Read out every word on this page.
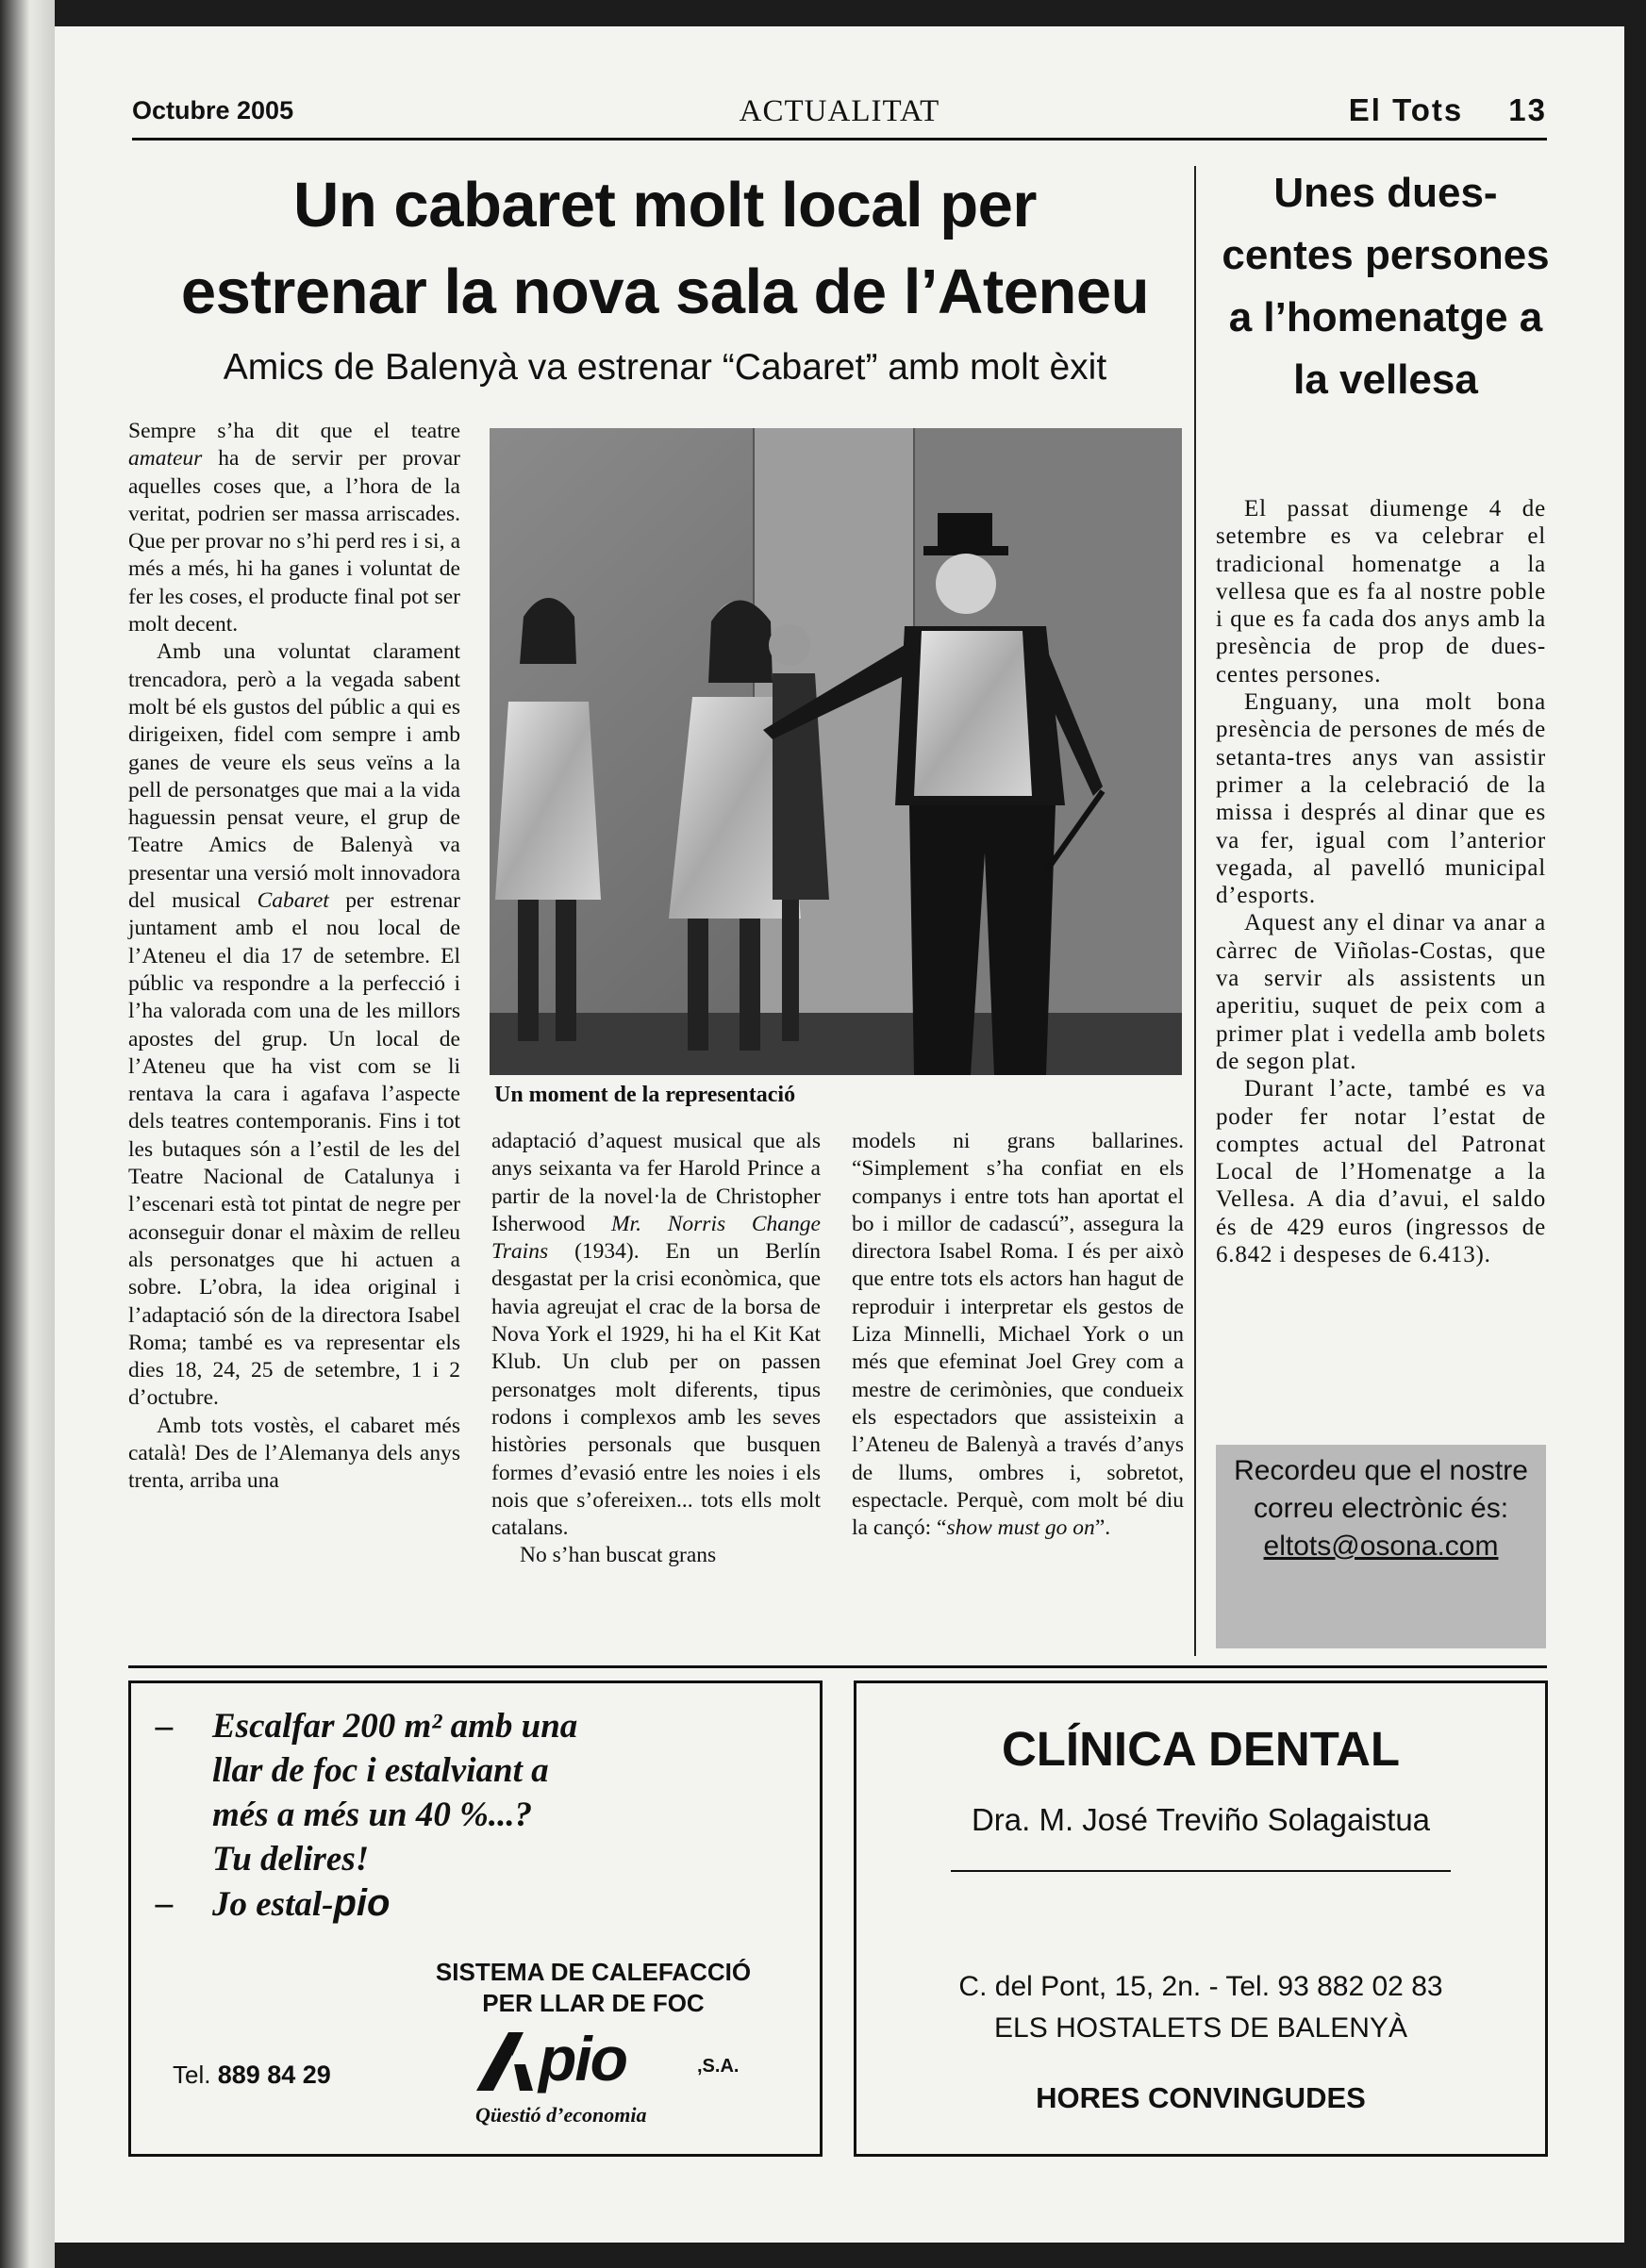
Octubre 2005	ACTUALITAT	El Tots 13
Un cabaret molt local per
estrenar la nova sala de l’Ateneu
Amics de Balenyà va estrenar “Cabaret” amb molt èxit

Sempre s’ha dit que el teatre amateur ha de servir per provar aquelles coses que, a l’hora de la veritat, podrien ser massa arriscades. Que per provar no s’hi perd res i si, a més a més, hi ha ganes i voluntat de fer les coses, el producte final pot ser molt decent.

Amb una voluntat clarament trencadora, però a la vegada sabent molt bé els gustos del públic a qui es dirigeixen, fidel com sempre i amb ganes de veure els seus veïns a la pell de personatges que mai a la vida haguessin pensat veure, el grup de Teatre Amics de Balenyà va presentar una versió molt innovadora del musical Cabaret per estrenar juntament amb el nou local de l’Ateneu el dia 17 de setembre. El públic va respondre a la perfecció i l’ha valorada com una de les millors apostes del grup. Un local de l’Ateneu que ha vist com se li rentava la cara i agafava l’aspecte dels teatres contemporanis. Fins i tot les butaques són a l’estil de les del Teatre Nacional de Catalunya i l’escenari està tot pintat de negre per aconseguir donar el màxim de relleu als personatges que hi actuen a sobre. L’obra, la idea original i l’adaptació són de la directora Isabel Roma; també es va representar els dies 18, 24, 25 de setembre, 1 i 2 d’octubre.

Amb tots vostès, el cabaret més català! Des de l’Alemanya dels anys trenta, arriba una

Un moment de la representació

adaptació d’aquest musical que als anys seixanta va fer Harold Prince a partir de la novel·la de Christopher Isherwood Mr. Norris Change Trains (1934). En un Berlín desgastat per la crisi econòmica, que havia agreujat el crac de la borsa de Nova York el 1929, hi ha el Kit Kat Klub. Un club per on passen personatges molt diferents, tipus rodons i complexos amb les seves històries personals que busquen formes d’evasió entre les noies i els nois que s’ofereixen... tots ells molt catalans.

No s’han buscat grans

models ni grans ballarines. “Simplement s’ha confiat en els companys i entre tots han aportat el bo i millor de cadascú”, assegura la directora Isabel Roma. I és per això que entre tots els actors han hagut de reproduir i interpretar els gestos de Liza Minnelli, Michael York o un més que efeminat Joel Grey com a mestre de cerimònies, que condueix els espectadors que assisteixin a l’Ateneu de Balenyà a través d’anys de llums, ombres i, sobretot, espectacle. Perquè, com molt bé diu la cançó: “show must go on”.

Unes dues-centes persones a l’homenatge a la vellesa

El passat diumenge 4 de setembre es va celebrar el tradicional homenatge a la vellesa que es fa al nostre poble i que es fa cada dos anys amb la presència de prop de dues-centes persones.

Enguany, una molt bona presència de persones de més de setanta-tres anys van assistir primer a la celebració de la missa i després al dinar que es va fer, igual com l’anterior vegada, al pavelló municipal d’esports.

Aquest any el dinar va anar a càrrec de Viñolas-Costas, que va servir als assistents un aperitiu, suquet de peix com a primer plat i vedella amb bolets de segon plat.

Durant l’acte, també es va poder fer notar l’estat de comptes actual del Patronat Local de l’Homenatge a la Vellesa. A dia d’avui, el saldo és de 429 euros (ingressos de 6.842 i despeses de 6.413).

Recordeu que el nostre correu electrònic és:
eltots@osona.com
– Escalfar 200 m² amb una
llar de foc i estalviant a
més a més un 40 %...?
Tu delires!
– Jo estal-pio
SISTEMA DE CALEFACCIÓ
PER LLAR DE FOC
Tel. 889 84 29	pio	,S.A.
Qüestió d’economia
CLÍNICA DENTAL
Dra. M. José Treviño Solagaistua
C. del Pont, 15, 2n. - Tel. 93 882 02 83
ELS HOSTALETS DE BALENYÀ
HORES CONVINGUDES
